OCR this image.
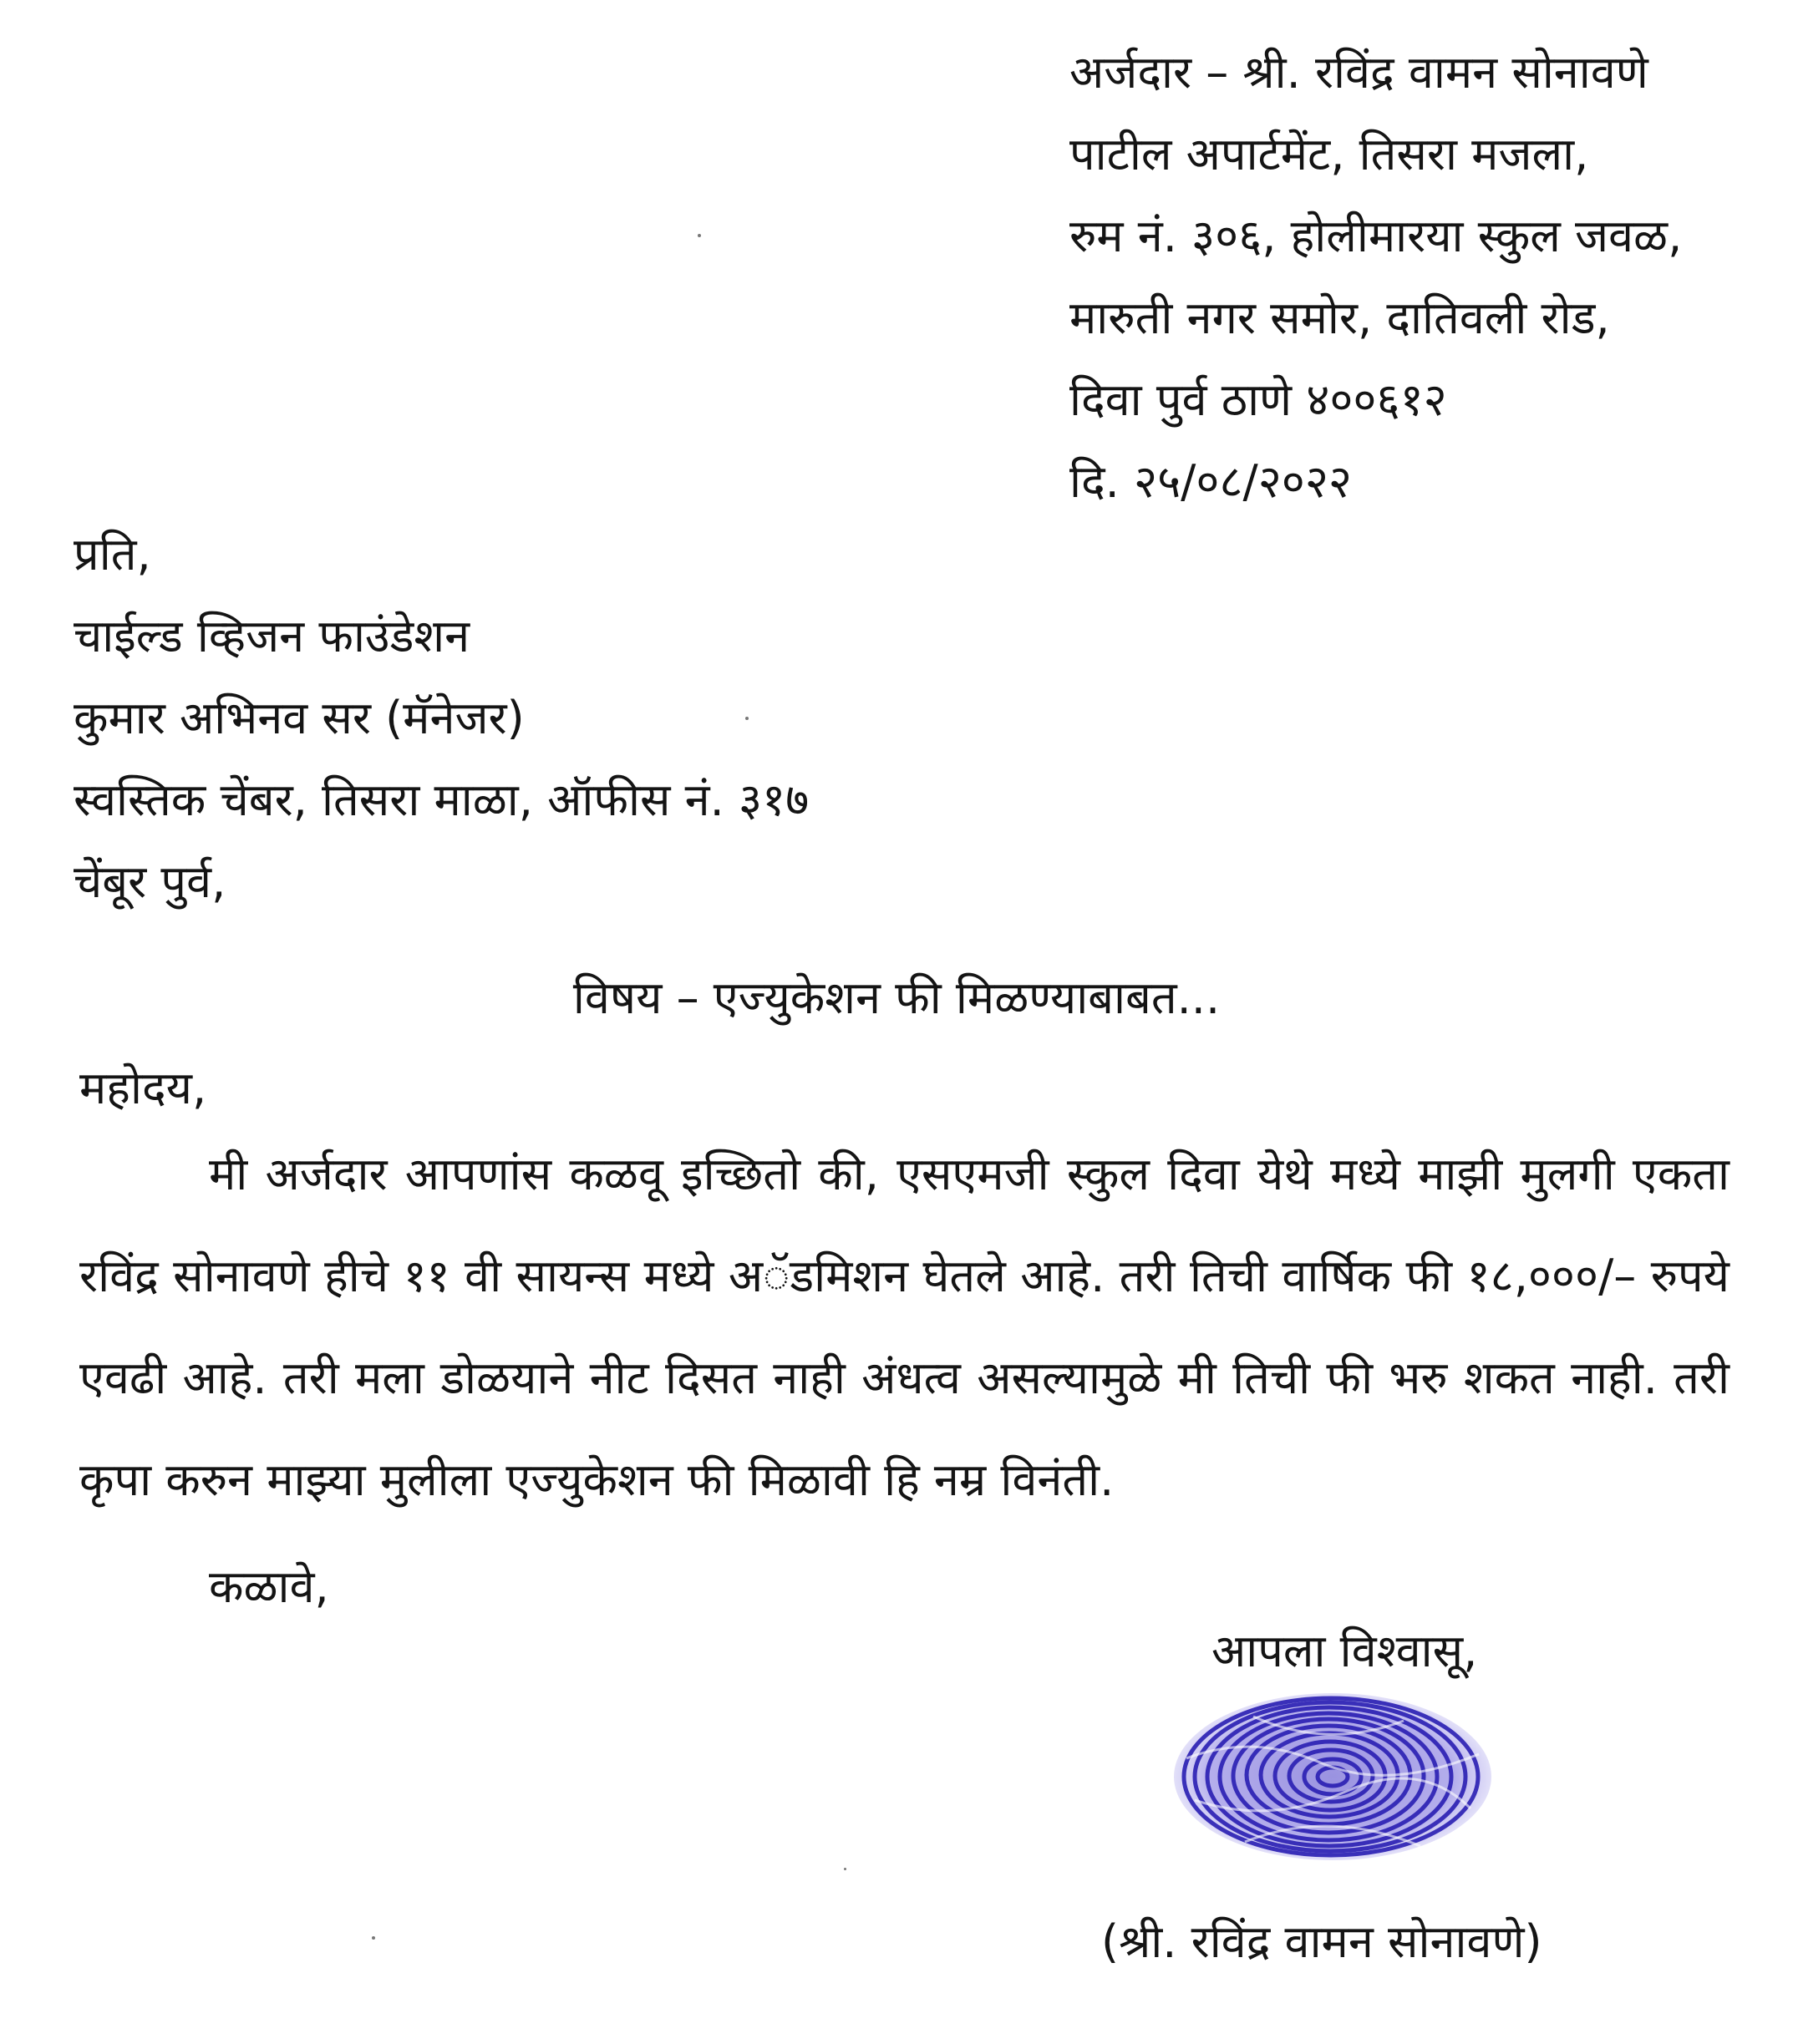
अर्जदार – श्री. रविंद्र वामन सोनावणे
पाटील अपार्टमेंट, तिसरा मजला,
रुम नं. ३०६, होलीमारया स्कुल जवळ,
मारुती नगर समोर, दातिवली रोड,
दिवा पुर्व ठाणे ४००६१२
दि. २५/०८/२०२२
प्रति,
चाईल्ड व्हिजन फाउंडेशन
कुमार अभिनव सर (मॅनेजर)
स्वस्तिक चेंबर, तिसरा माळा, ऑफीस नं. ३१७
चेंबूर पुर्व,
विषय – एज्युकेशन फी मिळण्याबाबत...
महोदय,
मी अर्जदार आपणांस कळवू इच्छितो की, एसएमजी स्कुल दिवा येथे मध्ये माझी मुलगी एकता रविंद्र सोनावणे हीचे ११ वी सायन्स मध्ये अॅडमिशन घेतले आहे. तरी तिची वार्षिक फी १८,०००/– रुपये एवढी आहे. तरी मला डोळयाने नीट दिसत नाही अंधत्व असल्यामुळे मी तिची फी भरु शकत नाही. तरी कृपा करुन माझ्या मुलीला एज्युकेशन फी मिळावी हि नम्र विनंती.
कळावे,
आपला विश्वासू,
(श्री. रविंद्र वामन सोनावणे)
